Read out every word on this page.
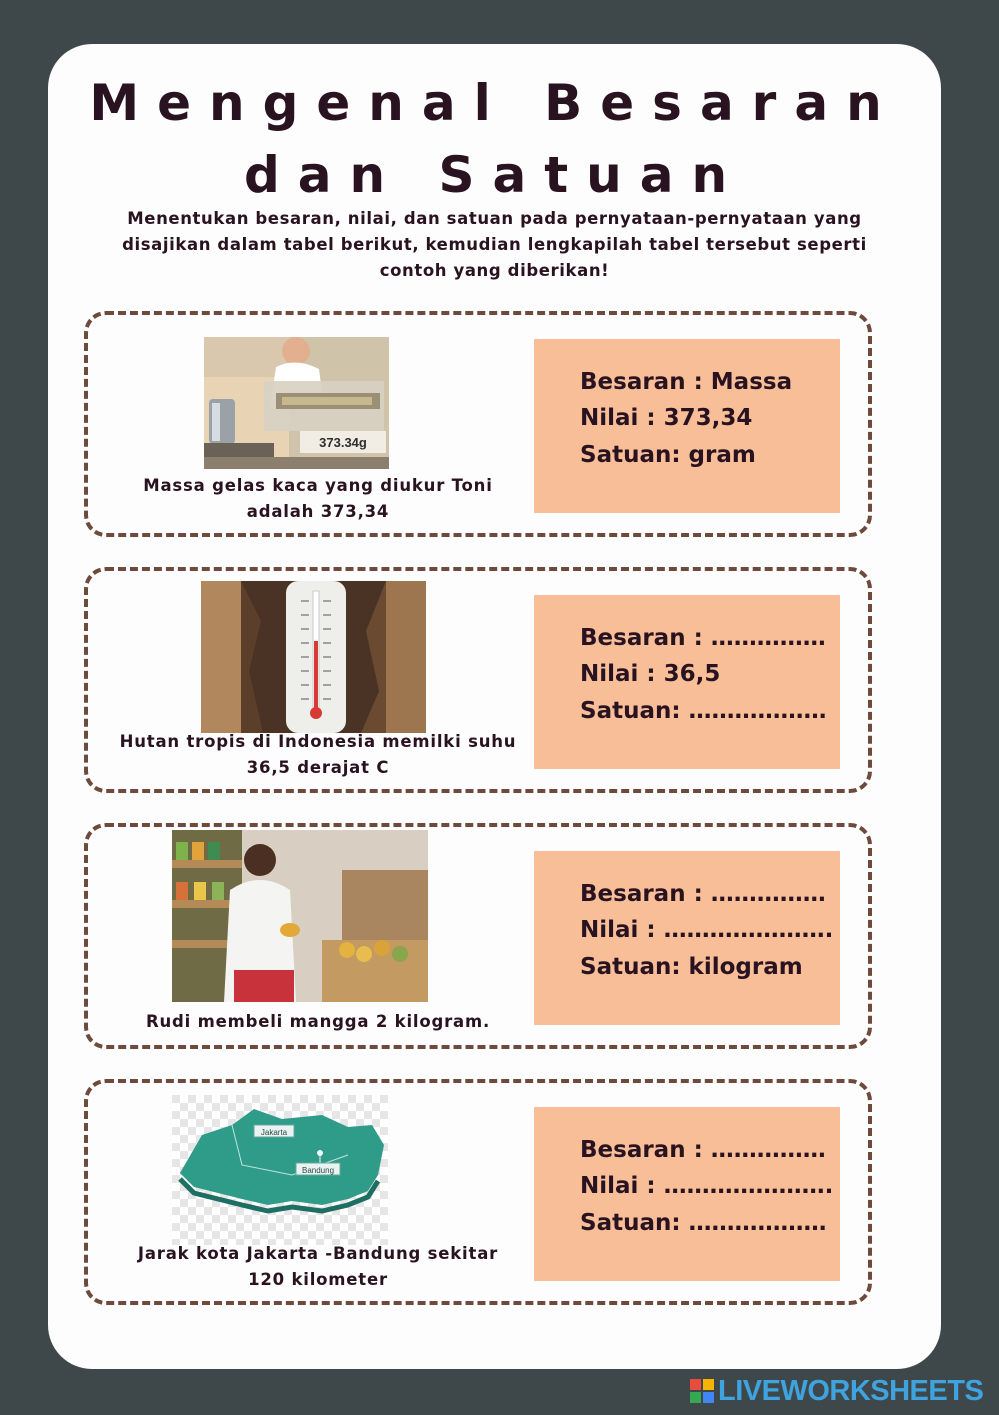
Mengenal Besaran
dan Satuan
Menentukan besaran, nilai, dan satuan pada pernyataan-pernyataan yang disajikan dalam tabel berikut, kemudian lengkapilah tabel tersebut seperti contoh yang diberikan!
373.34g
Massa gelas kaca yang diukur Toni adalah 373,34
Besaran : Massa
Nilai : 373,34
Satuan: gram
Hutan tropis di Indonesia memilki suhu 36,5 derajat C
Besaran : ……………
Nilai : 36,5
Satuan: ………………
Rudi membeli mangga 2 kilogram.
Besaran : ……………
Nilai : ………………….
Satuan: kilogram
Jakarta
Bandung
Jarak kota Jakarta -Bandung sekitar 120 kilometer
Besaran : ……………
Nilai : ………………….
Satuan: ………………
LIVEWORKSHEETS
